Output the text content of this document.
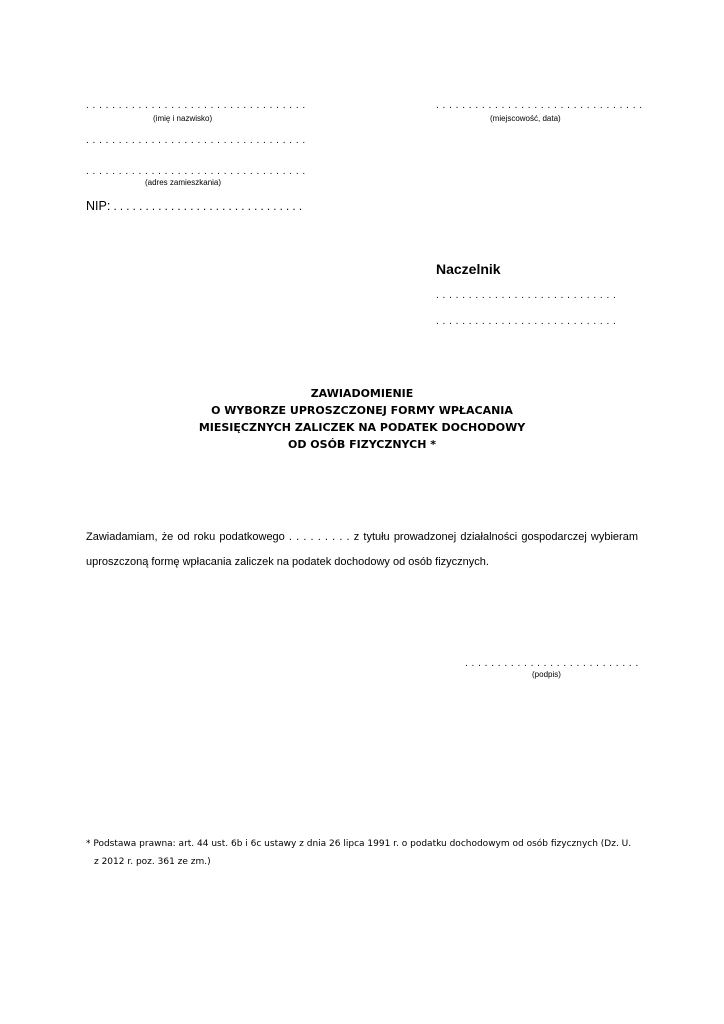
. . . . . . . . . . . . . . . . . . . . . . . . . . . . . . . . . .
(imię i nazwisko)
. . . . . . . . . . . . . . . . . . . . . . . . . . . . . . . . . .
. . . . . . . . . . . . . . . . . . . . . . . . . . . . . . . . . .
(adres zamieszkania)
NIP: . . . . . . . . . . . . . . . . . . . . . . . . . . . . . .
. . . . . . . . . . . . . . . . . . . . . . . . . . . . . . . .
(miejscowość, data)
Naczelnik
. . . . . . . . . . . . . . . . . . . . . . . . . . . .
. . . . . . . . . . . . . . . . . . . . . . . . . . . .
ZAWIADOMIENIE
O WYBORZE UPROSZCZONEJ FORMY WPŁACANIA
MIESIĘCZNYCH ZALICZEK NA PODATEK DOCHODOWY
OD OSÓB FIZYCZNYCH *
Zawiadamiam, że od roku podatkowego . . . . . . . . . z tytułu prowadzonej działalności gospodarczej wybieram
uproszczoną formę wpłacania zaliczek na podatek dochodowy od osób fizycznych.
. . . . . . . . . . . . . . . . . . . . . . . . . . .
(podpis)
* Podstawa prawna: art. 44 ust. 6b i 6c ustawy z dnia 26 lipca 1991 r. o podatku dochodowym od osób fizycznych (Dz. U.
z 2012 r. poz. 361 ze zm.)
